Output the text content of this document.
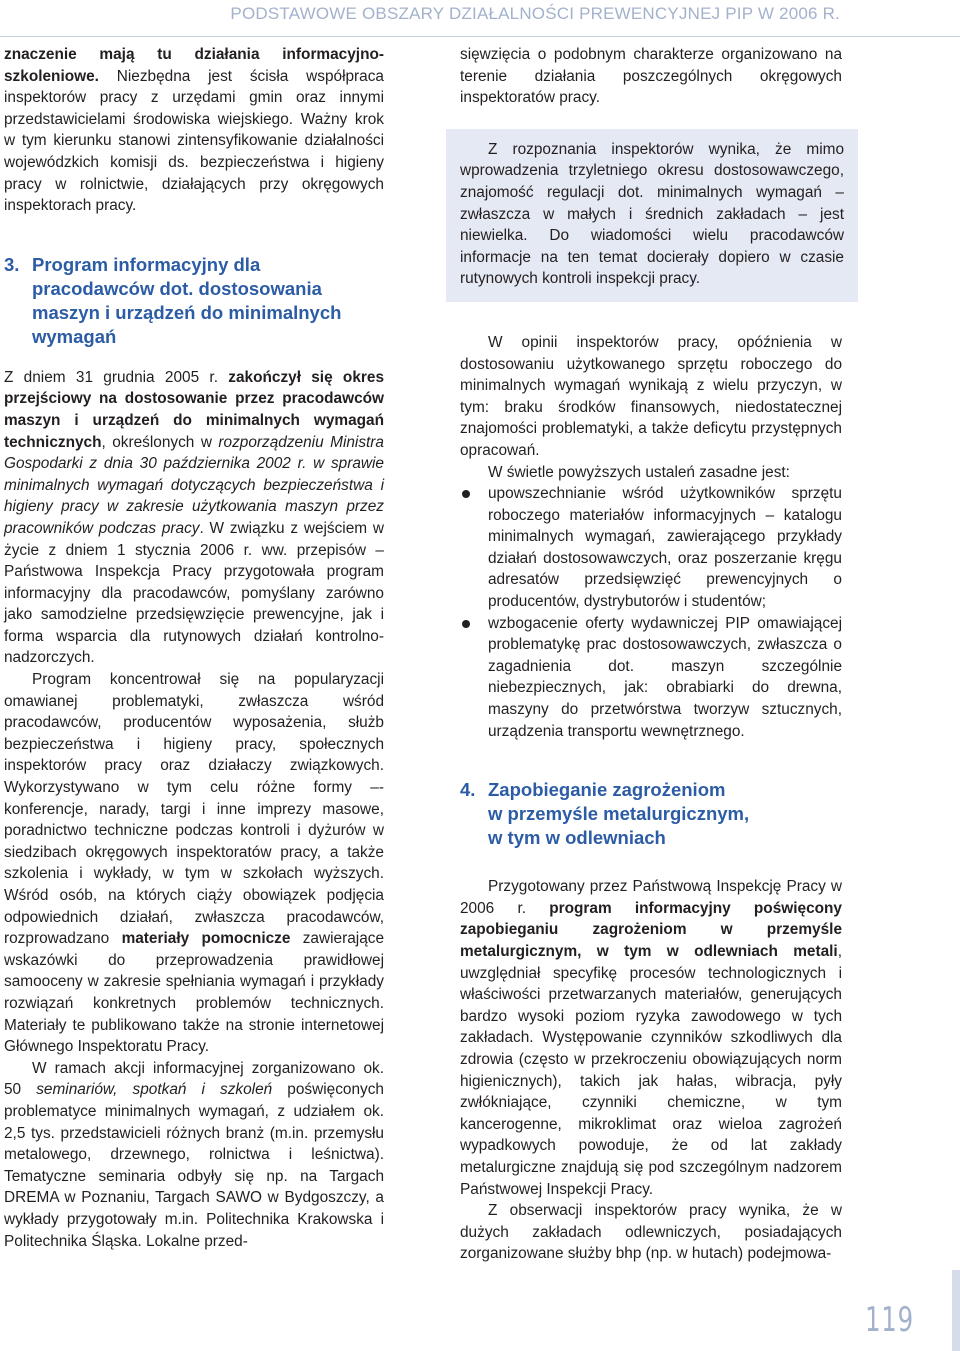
PODSTAWOWE OBSZARY DZIAŁALNOŚCI PREWENCYJNEJ PIP W 2006 R.

znaczenie mają tu działania informacyjno-szkoleniowe. Niezbędna jest ścisła współpraca inspektorów pracy z urzędami gmin oraz innymi przedstawicielami środowiska wiejskiego. Ważny krok w tym kierunku stanowi zintensyfikowanie działalności wojewódzkich komisji ds. bezpieczeństwa i higieny pracy w rolnictwie, działających przy okręgowych inspektorach pracy.

3. Program informacyjny dla
pracodawców dot. dostosowania maszyn i urządzeń do minimalnych wymagań

Z dniem 31 grudnia 2005 r. zakończył się okres przejściowy na dostosowanie przez pracodawców maszyn i urządzeń do minimalnych wymagań technicznych, określonych w rozporządzeniu Ministra Gospodarki z dnia 30 października 2002 r. w sprawie minimalnych wymagań dotyczących bezpieczeństwa i higieny pracy w zakresie użytkowania maszyn przez pracowników podczas pracy. W związku z wejściem w życie z dniem 1 stycznia 2006 r. ww. przepisów – Państwowa Inspekcja Pracy przygotowała program informacyjny dla pracodawców, pomyślany zarówno jako samodzielne przedsięwzięcie prewencyjne, jak i forma wsparcia dla rutynowych działań kontrolno-nadzorczych.

Program koncentrował się na popularyzacji omawianej problematyki, zwłaszcza wśród pracodawców, producentów wyposażenia, służb bezpieczeństwa i higieny pracy, społecznych inspektorów pracy oraz działaczy związkowych. Wykorzystywano w tym celu różne formy –- konferencje, narady, targi i inne imprezy masowe, poradnictwo techniczne podczas kontroli i dyżurów w siedzibach okręgowych inspektoratów pracy, a także szkolenia i wykłady, w tym w szkołach wyższych. Wśród osób, na których ciąży obowiązek podjęcia odpowiednich działań, zwłaszcza pracodawców, rozprowadzano materiały pomocnicze zawierające wskazówki do przeprowadzenia prawidłowej samooceny w zakresie spełniania wymagań i przykłady rozwiązań konkretnych problemów technicznych. Materiały te publikowano także na stronie internetowej Głównego Inspektoratu Pracy.

W ramach akcji informacyjnej zorganizowano ok. 50 seminariów, spotkań i szkoleń poświęconych problematyce minimalnych wymagań, z udziałem ok. 2,5 tys. przedstawicieli różnych branż (m.in. przemysłu metalowego, drzewnego, rolnictwa i leśnictwa). Tematyczne seminaria odbyły się np. na Targach DREMA w Poznaniu, Targach SAWO w Bydgoszczy, a wykłady przygotowały m.in. Politechnika Krakowska i Politechnika Śląska. Lokalne przed-

sięwzięcia o podobnym charakterze organizowano na terenie działania poszczególnych okręgowych inspektoratów pracy.

Z rozpoznania inspektorów wynika, że mimo wprowadzenia trzyletniego okresu dostosowawczego, znajomość regulacji dot. minimalnych wymagań – zwłaszcza w małych i średnich zakładach – jest niewielka. Do wiadomości wielu pracodawców informacje na ten temat docierały dopiero w czasie rutynowych kontroli inspekcji pracy.

W opinii inspektorów pracy, opóźnienia w dostosowaniu użytkowanego sprzętu roboczego do minimalnych wymagań wynikają z wielu przyczyn, w tym: braku środków finansowych, niedostatecznej znajomości problematyki, a także deficytu przystępnych opracowań.

W świetle powyższych ustaleń zasadne jest:

upowszechnianie wśród użytkowników sprzętu roboczego materiałów informacyjnych – katalogu minimalnych wymagań, zawierającego przykłady działań dostosowawczych, oraz poszerzanie kręgu adresatów przedsięwzięć prewencyjnych o producentów, dystrybutorów i studentów;
wzbogacenie oferty wydawniczej PIP omawiającej problematykę prac dostosowawczych, zwłaszcza o zagadnienia dot. maszyn szczególnie niebezpiecznych, jak: obrabiarki do drewna, maszyny do przetwórstwa tworzyw sztucznych, urządzenia transportu wewnętrznego.
4. Zapobieganie zagrożeniom
w przemyśle metalurgicznym,
w tym w odlewniach

Przygotowany przez Państwową Inspekcję Pracy w 2006 r. program informacyjny poświęcony zapobieganiu zagrożeniom w przemyśle metalurgicznym, w tym w odlewniach metali, uwzględniał specyfikę procesów technologicznych i właściwości przetwarzanych materiałów, generujących bardzo wysoki poziom ryzyka zawodowego w tych zakładach. Występowanie czynników szkodliwych dla zdrowia (często w przekroczeniu obowiązujących norm higienicznych), takich jak hałas, wibracja, pyły zwłókniające, czynniki chemiczne, w tym kancerogenne, mikroklimat oraz wieloa zagrożeń wypadkowych powoduje, że od lat zakłady metalurgiczne znajdują się pod szczególnym nadzorem Państwowej Inspekcji Pracy.

Z obserwacji inspektorów pracy wynika, że w dużych zakładach odlewniczych, posiadających zorganizowane służby bhp (np. w hutach) podejmowa-

119
